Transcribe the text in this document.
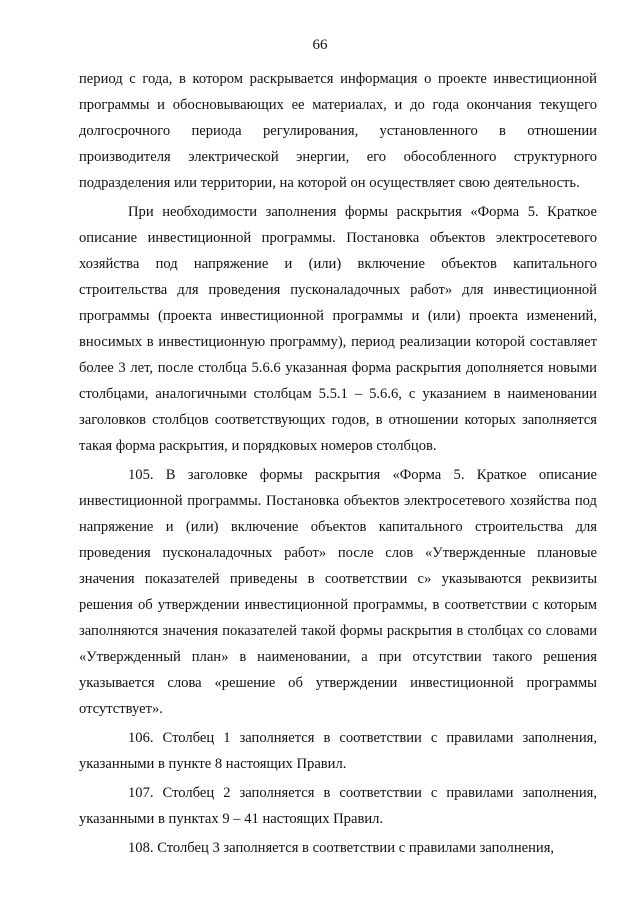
66

период с года, в котором раскрывается информация о проекте инвестиционной программы и обосновывающих ее материалах, и до года окончания текущего долгосрочного периода регулирования, установленного в отношении производителя электрической энергии, его обособленного структурного подразделения или территории, на которой он осуществляет свою деятельность.

При необходимости заполнения формы раскрытия «Форма 5. Краткое описание инвестиционной программы. Постановка объектов электросетевого хозяйства под напряжение и (или) включение объектов капитального строительства для проведения пусконаладочных работ» для инвестиционной программы (проекта инвестиционной программы и (или) проекта изменений, вносимых в инвестиционную программу), период реализации которой составляет более 3 лет, после столбца 5.6.6 указанная форма раскрытия дополняется новыми столбцами, аналогичными столбцам 5.5.1 – 5.6.6, с указанием в наименовании заголовков столбцов соответствующих годов, в отношении которых заполняется такая форма раскрытия, и порядковых номеров столбцов.

105. В заголовке формы раскрытия «Форма 5. Краткое описание инвестиционной программы. Постановка объектов электросетевого хозяйства под напряжение и (или) включение объектов капитального строительства для проведения пусконаладочных работ» после слов «Утвержденные плановые значения показателей приведены в соответствии с» указываются реквизиты решения об утверждении инвестиционной программы, в соответствии с которым заполняются значения показателей такой формы раскрытия в столбцах со словами «Утвержденный план» в наименовании, а при отсутствии такого решения указывается слова «решение об утверждении инвестиционной программы отсутствует».

106. Столбец 1 заполняется в соответствии с правилами заполнения, указанными в пункте 8 настоящих Правил.

107. Столбец 2 заполняется в соответствии с правилами заполнения, указанными в пунктах 9 – 41 настоящих Правил.

108. Столбец 3 заполняется в соответствии с правилами заполнения,
